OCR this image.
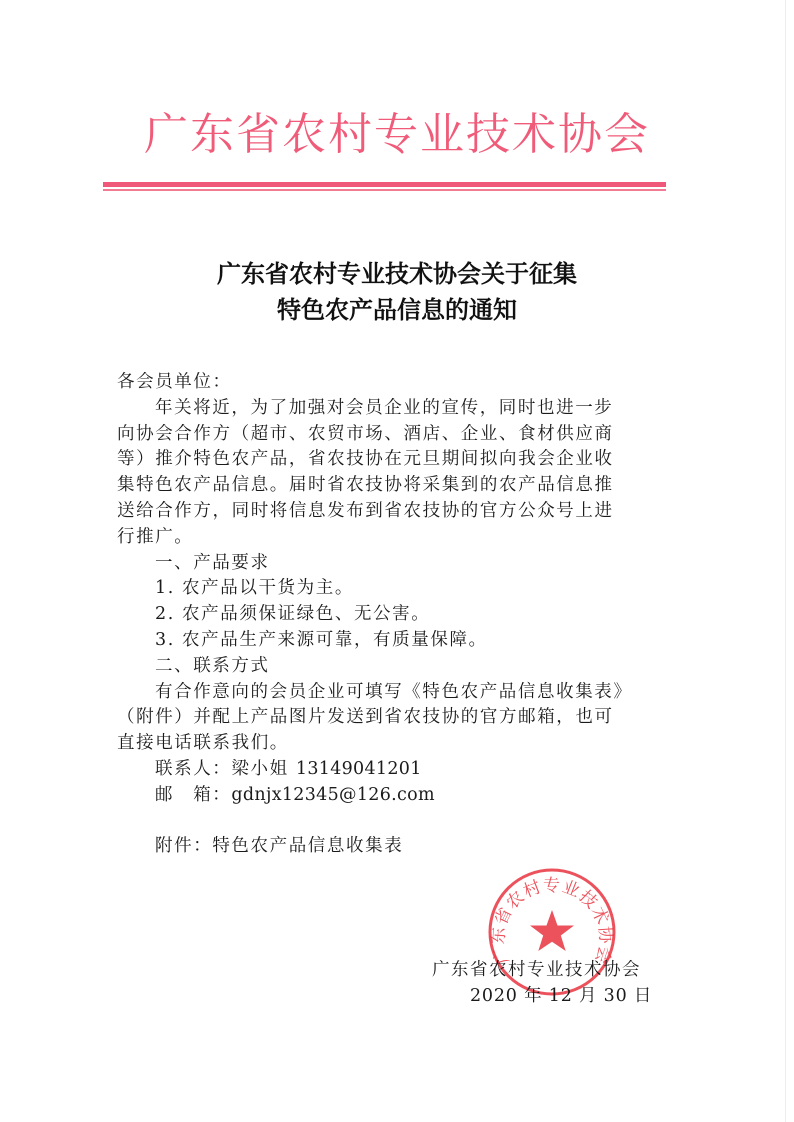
广东省农村专业技术协会
广东省农村专业技术协会关于征集
特色农产品信息的通知
各会员单位：
年关将近，为了加强对会员企业的宣传，同时也进一步
向协会合作方（超市、农贸市场、酒店、企业、食材供应商
等）推介特色农产品，省农技协在元旦期间拟向我会企业收
集特色农产品信息。届时省农技协将采集到的农产品信息推
送给合作方，同时将信息发布到省农技协的官方公众号上进
行推广。
一、产品要求
1. 农产品以干货为主。
2. 农产品须保证绿色、无公害。
3. 农产品生产来源可靠，有质量保障。
二、联系方式
有合作意向的会员企业可填写《特色农产品信息收集表》
（附件）并配上产品图片发送到省农技协的官方邮箱，也可
直接电话联系我们。
联系人：梁小姐 13149041201
邮　箱：gdnjx12345@126.com
附件：特色农产品信息收集表
广东省农村专业技术协会
广东省农村专业技术协会
2020 年 12 月 30 日
